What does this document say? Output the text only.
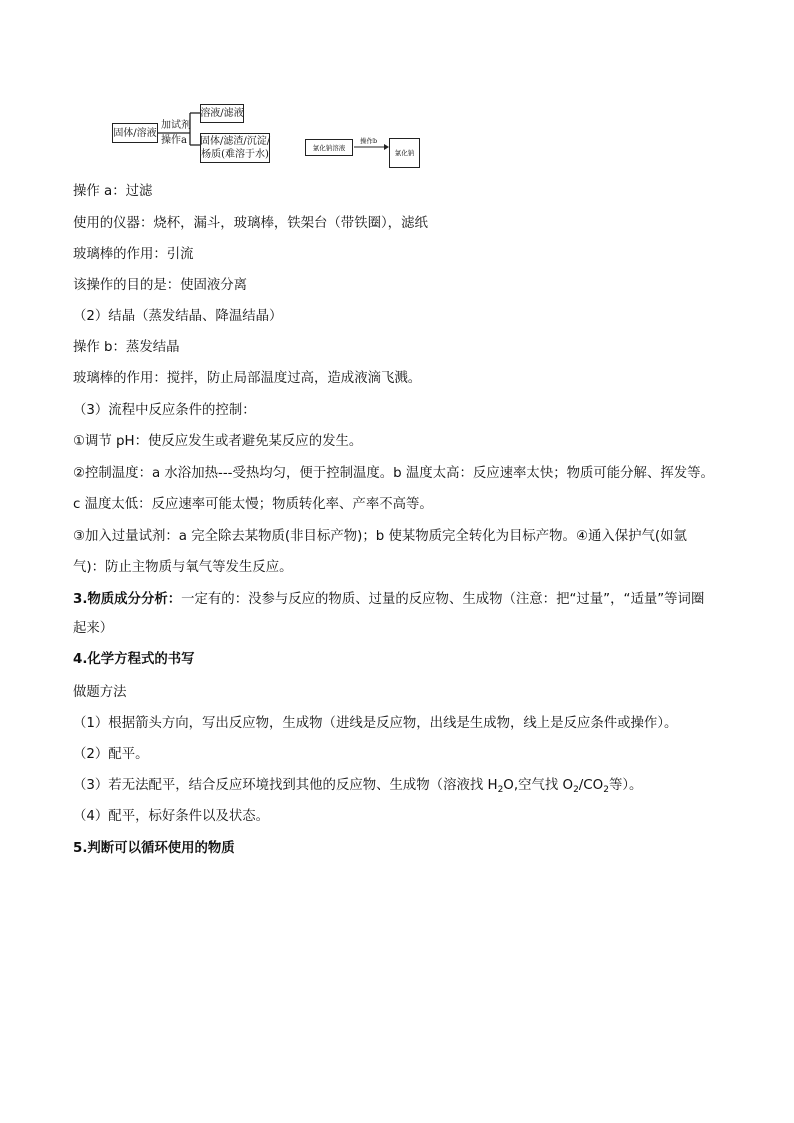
固体/溶液
加试剂
操作a
溶液/滤液
固体/滤渣/沉淀/
杨质(难溶于水)
氯化钠溶液
操作b
氯化钠
操作 a：过滤
使用的仪器：烧杯，漏斗，玻璃棒，铁架台（带铁圈），滤纸
玻璃棒的作用：引流
该操作的目的是：使固液分离
（2）结晶（蒸发结晶、降温结晶）
操作 b：蒸发结晶
玻璃棒的作用：搅拌，防止局部温度过高，造成液滴飞溅。
（3）流程中反应条件的控制：
①调节 pH：使反应发生或者避免某反应的发生。
②控制温度：a 水浴加热---受热均匀，便于控制温度。b 温度太高：反应速率太快；物质可能分解、挥发等。
c 温度太低：反应速率可能太慢；物质转化率、产率不高等。
③加入过量试剂：a 完全除去某物质(非目标产物)；b 使某物质完全转化为目标产物。④通入保护气(如氩
气)：防止主物质与氧气等发生反应。
3.物质成分分析：一定有的：没参与反应的物质、过量的反应物、生成物（注意：把“过量”，“适量”等词圈
起来）
4.化学方程式的书写
做题方法
（1）根据箭头方向，写出反应物，生成物（进线是反应物，出线是生成物，线上是反应条件或操作）。
（2）配平。
（3）若无法配平，结合反应环境找到其他的反应物、生成物（溶液找 $H_2O$,空气找 $O_2/CO_2$等）。
（4）配平，标好条件以及状态。
5.判断可以循环使用的物质
